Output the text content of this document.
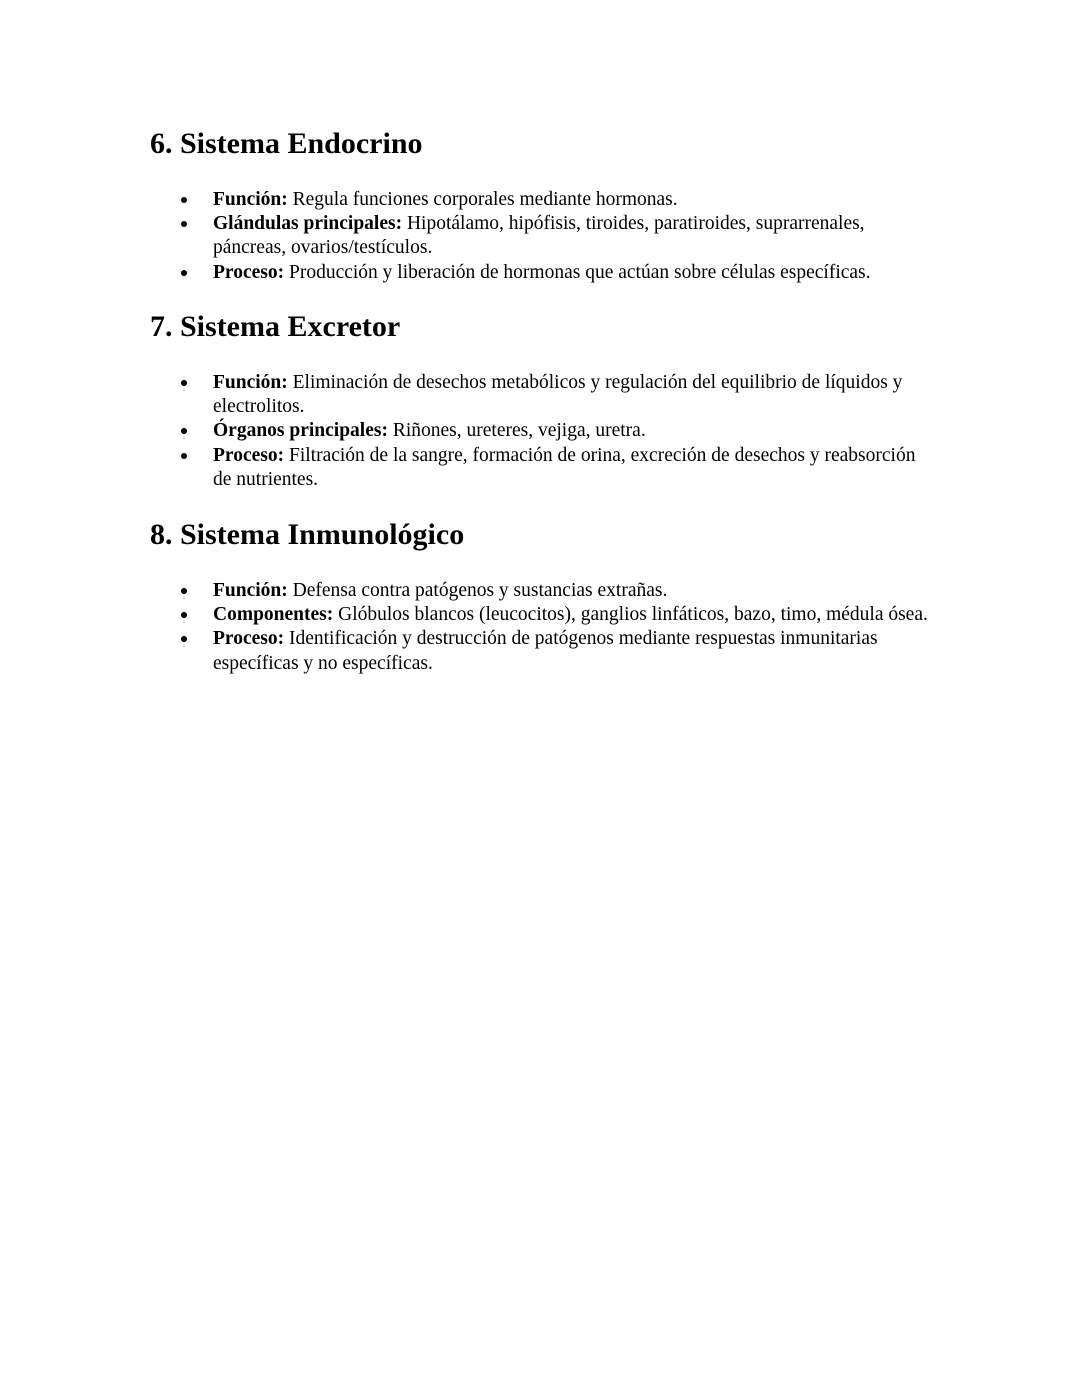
6. Sistema Endocrino
Función: Regula funciones corporales mediante hormonas.
Glándulas principales: Hipotálamo, hipófisis, tiroides, paratiroides, suprarrenales, páncreas, ovarios/testículos.
Proceso: Producción y liberación de hormonas que actúan sobre células específicas.
7. Sistema Excretor
Función: Eliminación de desechos metabólicos y regulación del equilibrio de líquidos y electrolitos.
Órganos principales: Riñones, ureteres, vejiga, uretra.
Proceso: Filtración de la sangre, formación de orina, excreción de desechos y reabsorción de nutrientes.
8. Sistema Inmunológico
Función: Defensa contra patógenos y sustancias extrañas.
Componentes: Glóbulos blancos (leucocitos), ganglios linfáticos, bazo, timo, médula ósea.
Proceso: Identificación y destrucción de patógenos mediante respuestas inmunitarias específicas y no específicas.
